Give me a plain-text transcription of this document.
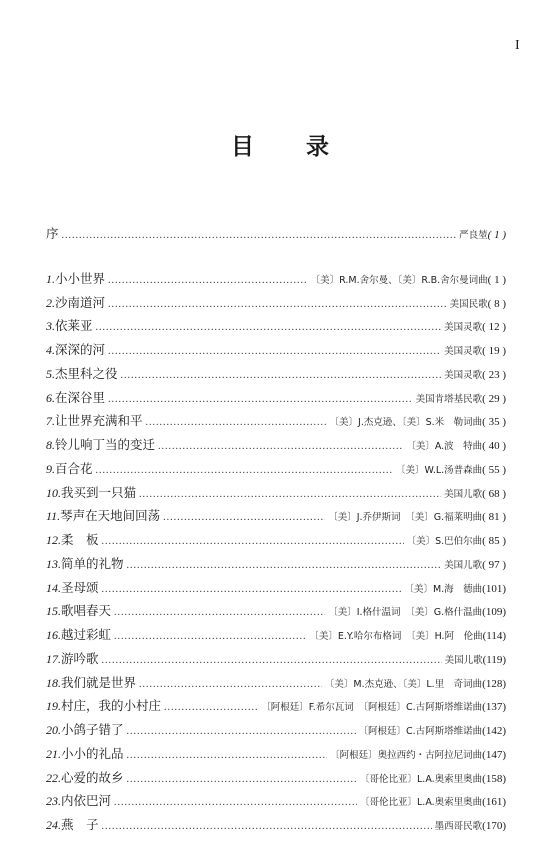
I
目 录
序 .....	严良堃 ( 1 )
1. 小小世界 .....	〔美〕R.M.舍尔曼、〔美〕R.B.舍尔曼词曲 ( 1 )
2. 沙南道河 .....	美国民歌 ( 8 )
3. 依莱亚 .....	美国灵歌 ( 12 )
4. 深深的河 .....	美国灵歌 ( 19 )
5. 杰里科之役 .....	美国灵歌 ( 23 )
6. 在深谷里 .....	美国肯塔基民歌 ( 29 )
7. 让世界充满和平 .....	〔美〕J.杰克逊、〔美〕S.米　勒词曲 ( 35 )
8. 铃儿响丁当的变迁 .....	〔美〕A.波　特曲 ( 40 )
9. 百合花 .....	〔美〕W.L.汤普森曲 ( 55 )
10. 我买到一只猫 .....	美国儿歌 ( 68 )
11. 琴声在天地间回荡 .....	〔美〕J.乔伊斯词　〔美〕G.福莱明曲 ( 81 )
12. 柔　板 .....	〔美〕S.巴伯尔曲 ( 85 )
13. 简单的礼物 .....	美国儿歌 ( 97 )
14. 圣母颂 .....	〔美〕M.海　德曲 (101)
15. 歌唱春天 .....	〔美〕I.格什温词　〔美〕G.格什温曲 (109)
16. 越过彩虹 .....	〔美〕E.Y.哈尔布格词　〔美〕H.阿　伦曲 (114)
17. 游吟歌 .....	美国儿歌 (119)
18. 我们就是世界 .....	〔美〕M.杰克逊、〔美〕L.里　奇词曲 (128)
19. 村庄，我的小村庄 .....	〔阿根廷〕F.希尔瓦词　〔阿根廷〕C.古阿斯塔维诺曲 (137)
20. 小鸽子错了 .....	〔阿根廷〕C.古阿斯塔维诺曲 (142)
21. 小小的礼品 .....	〔阿根廷〕奥拉西约・古阿拉尼词曲 (147)
22. 心爱的故乡 .....	〔哥伦比亚〕L.A.奥索里奥曲 (158)
23. 内依巴河 .....	〔哥伦比亚〕L.A.奥索里奥曲 (161)
24. 燕　子 .....	墨西哥民歌 (170)
